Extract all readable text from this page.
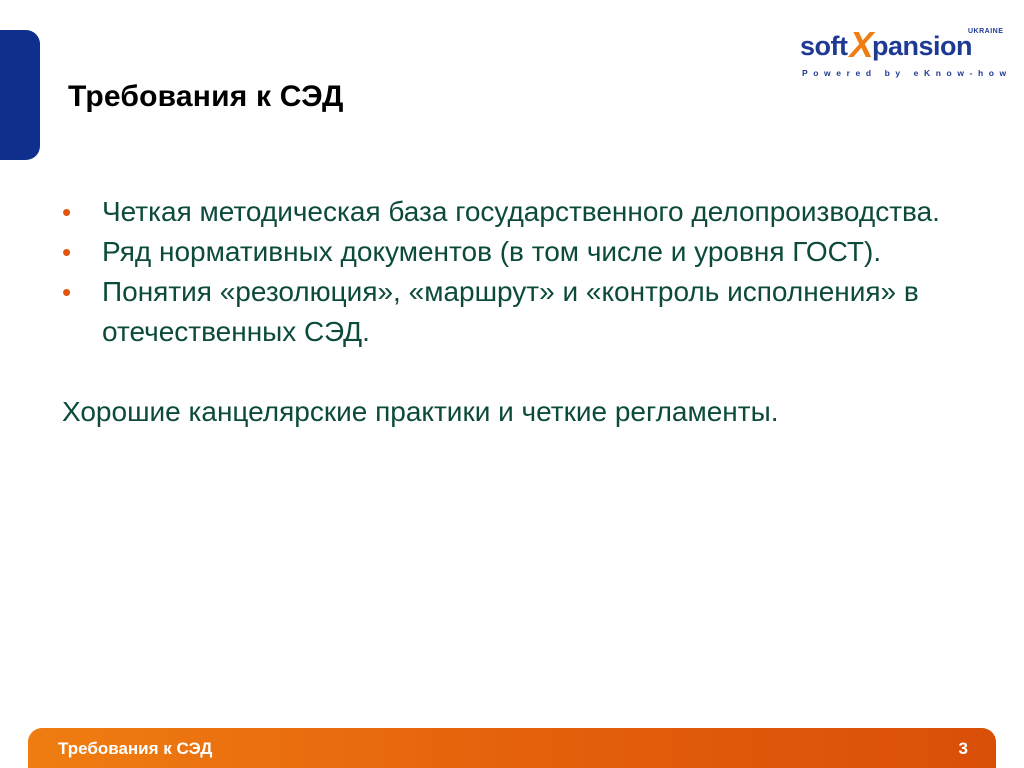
Требования к СЭД
softXpansion
UKRAINE
Powered by eKnow-how
• Четкая методическая база государственного делопроизводства.
• Ряд нормативных документов (в том числе и уровня ГОСТ).
• Понятия «резолюция», «маршрут» и «контроль исполнения» в отечественных СЭД.

Хорошие канцелярские практики и четкие регламенты.

Требования к СЭД	3
